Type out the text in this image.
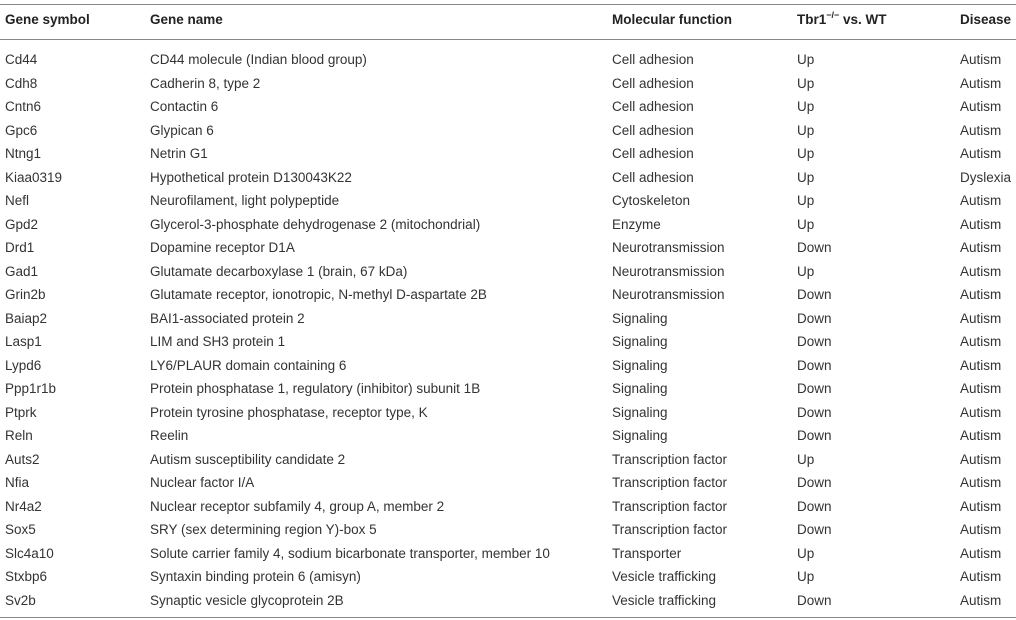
Gene symbol	Gene name	Molecular function	Tbr1−/− vs. WT	Disease
Cd44	CD44 molecule (Indian blood group)	Cell adhesion	Up	Autism
Cdh8	Cadherin 8, type 2	Cell adhesion	Up	Autism
Cntn6	Contactin 6	Cell adhesion	Up	Autism
Gpc6	Glypican 6	Cell adhesion	Up	Autism
Ntng1	Netrin G1	Cell adhesion	Up	Autism
Kiaa0319	Hypothetical protein D130043K22	Cell adhesion	Up	Dyslexia
Nefl	Neurofilament, light polypeptide	Cytoskeleton	Up	Autism
Gpd2	Glycerol-3-phosphate dehydrogenase 2 (mitochondrial)	Enzyme	Up	Autism
Drd1	Dopamine receptor D1A	Neurotransmission	Down	Autism
Gad1	Glutamate decarboxylase 1 (brain, 67 kDa)	Neurotransmission	Up	Autism
Grin2b	Glutamate receptor, ionotropic, N-methyl D-aspartate 2B	Neurotransmission	Down	Autism
Baiap2	BAI1-associated protein 2	Signaling	Down	Autism
Lasp1	LIM and SH3 protein 1	Signaling	Down	Autism
Lypd6	LY6/PLAUR domain containing 6	Signaling	Down	Autism
Ppp1r1b	Protein phosphatase 1, regulatory (inhibitor) subunit 1B	Signaling	Down	Autism
Ptprk	Protein tyrosine phosphatase, receptor type, K	Signaling	Down	Autism
Reln	Reelin	Signaling	Down	Autism
Auts2	Autism susceptibility candidate 2	Transcription factor	Up	Autism
Nfia	Nuclear factor I/A	Transcription factor	Down	Autism
Nr4a2	Nuclear receptor subfamily 4, group A, member 2	Transcription factor	Down	Autism
Sox5	SRY (sex determining region Y)-box 5	Transcription factor	Down	Autism
Slc4a10	Solute carrier family 4, sodium bicarbonate transporter, member 10	Transporter	Up	Autism
Stxbp6	Syntaxin binding protein 6 (amisyn)	Vesicle trafficking	Up	Autism
Sv2b	Synaptic vesicle glycoprotein 2B	Vesicle trafficking	Down	Autism
